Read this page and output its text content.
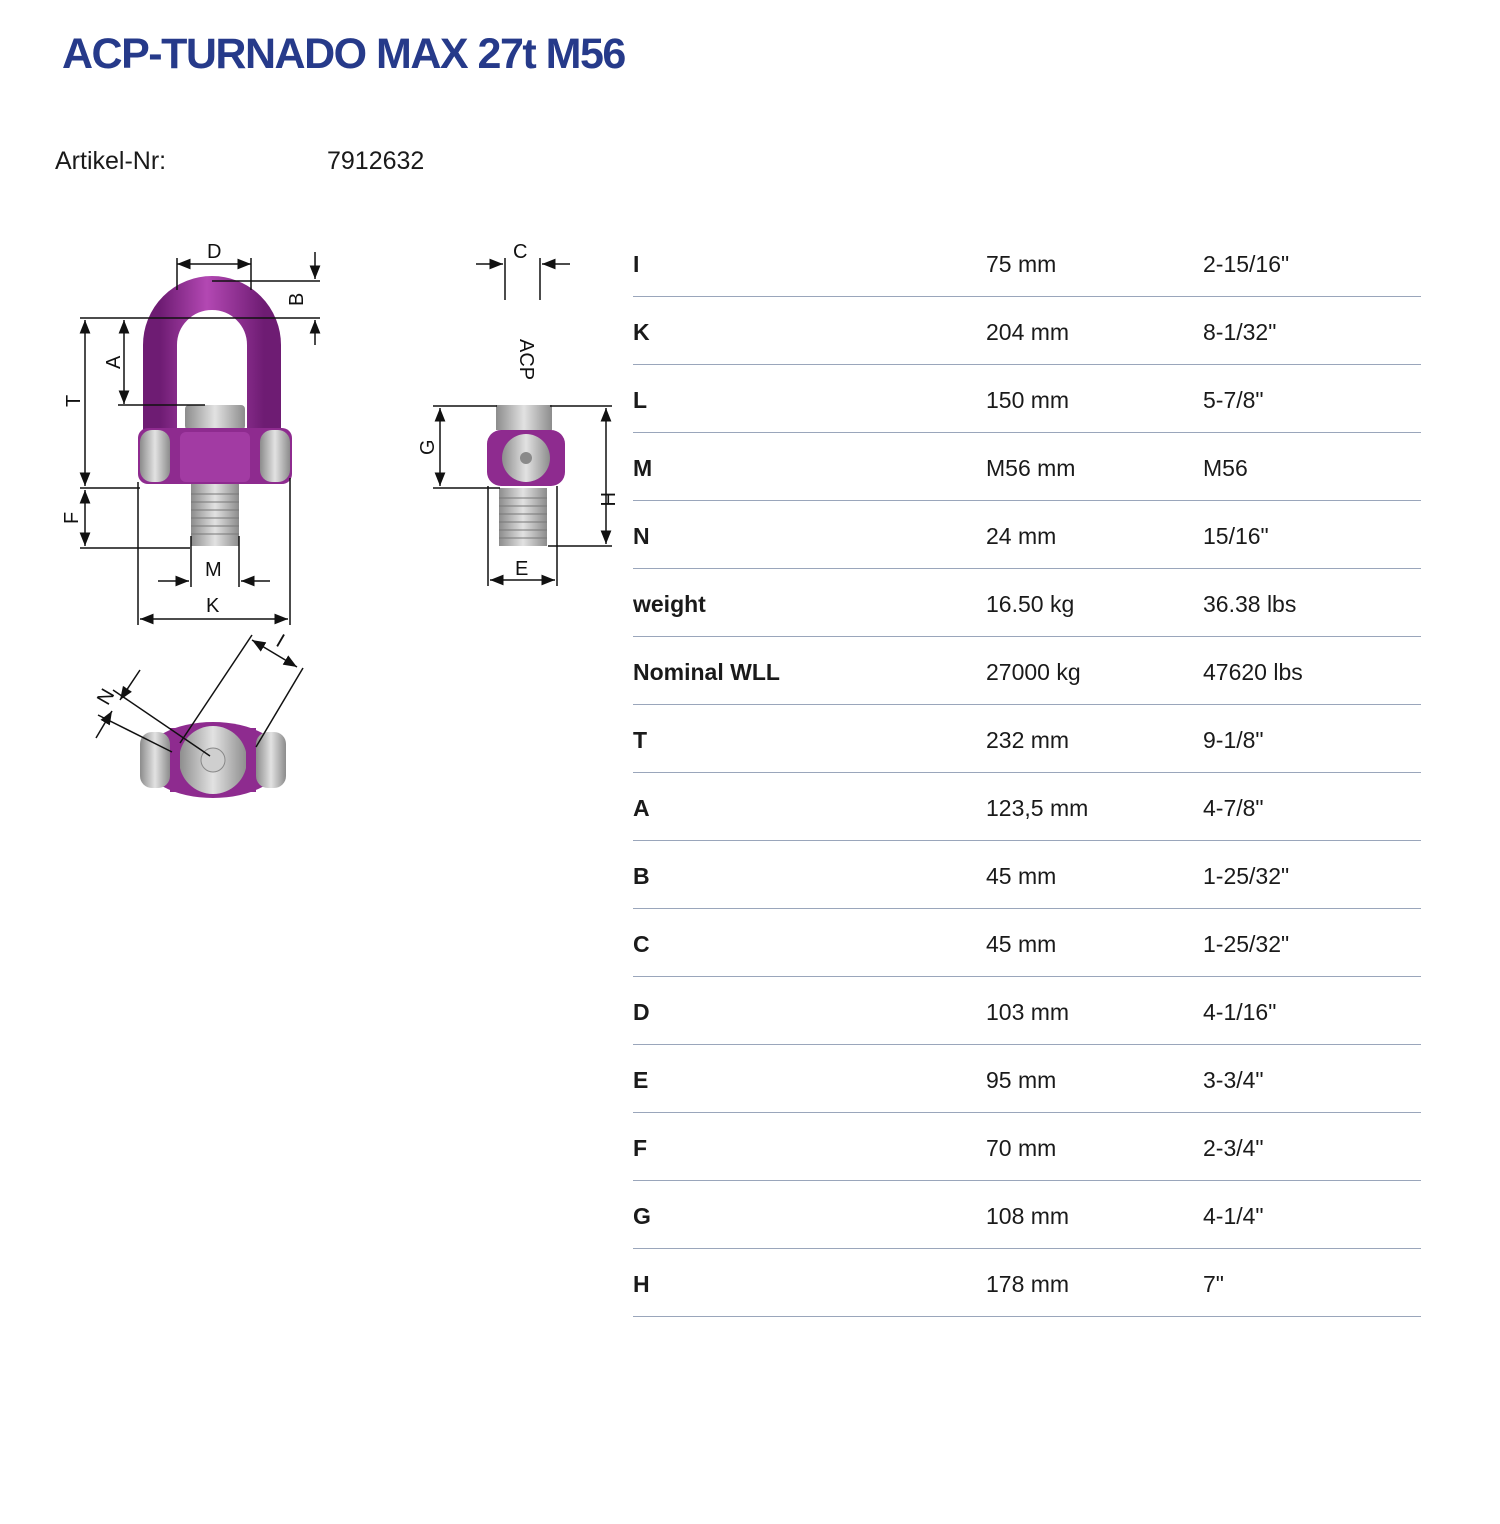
ACP-TURNADO MAX 27t M56
Artikel-Nr:	7912632
D
B
A
T
F
M
K
ACP
C
G
H
E
I
N
I	75 mm	2-15/16"
K	204 mm	8-1/32"
L	150 mm	5-7/8"
M	M56 mm	M56
N	24 mm	15/16"
weight	16.50 kg	36.38 lbs
Nominal WLL	27000 kg	47620 lbs
T	232 mm	9-1/8"
A	123,5 mm	4-7/8"
B	45 mm	1-25/32"
C	45 mm	1-25/32"
D	103 mm	4-1/16"
E	95 mm	3-3/4"
F	70 mm	2-3/4"
G	108 mm	4-1/4"
H	178 mm	7"
